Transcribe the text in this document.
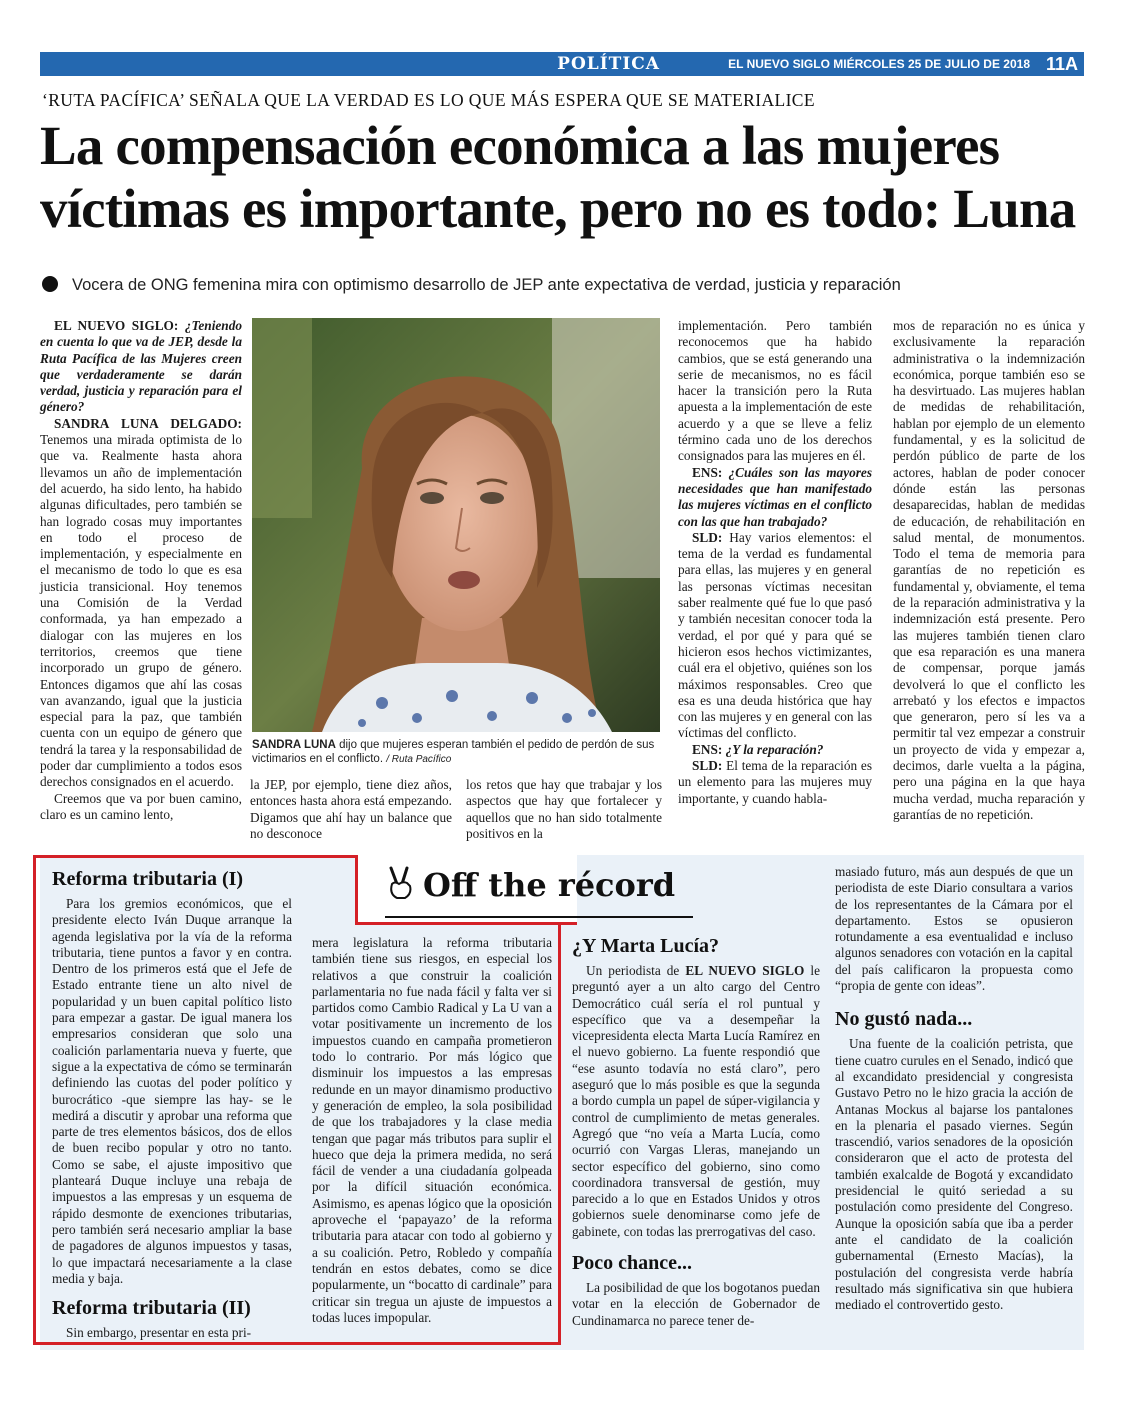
POLÍTICA	EL NUEVO SIGLO MIÉRCOLES 25 DE JULIO DE 2018 11A
‘RUTA PACÍFICA’ SEÑALA QUE LA VERDAD ES LO QUE MÁS ESPERA QUE SE MATERIALICE
La compensación económica a las mujeres víctimas es importante, pero no es todo: Luna
Vocera de ONG femenina mira con optimismo desarrollo de JEP ante expectativa de verdad, justicia y reparación

EL NUEVO SIGLO: ¿Teniendo en cuenta lo que va de JEP, desde la Ruta Pacífica de las Mujeres creen que verdaderamente se darán verdad, justicia y reparación para el género?

SANDRA LUNA DELGADO: Tenemos una mirada optimista de lo que va. Realmente hasta ahora llevamos un año de implementación del acuerdo, ha sido lento, ha habido algunas dificultades, pero también se han logrado cosas muy importantes en todo el proceso de implementación, y especialmente en el mecanismo de todo lo que es esa justicia transicional. Hoy tenemos una Comisión de la Verdad conformada, ya han empezado a dialogar con las mujeres en los territorios, creemos que tiene incorporado un grupo de género. Entonces digamos que ahí las cosas van avanzando, igual que la justicia especial para la paz, que también cuenta con un equipo de género que tendrá la tarea y la responsabilidad de poder dar cumplimiento a todos esos derechos consignados en el acuerdo.

Creemos que va por buen camino, claro es un camino lento,

SANDRA LUNA dijo que mujeres esperan también el pedido de perdón de sus victimarios en el conflicto. / Ruta Pacífico

la JEP, por ejemplo, tiene diez años, entonces hasta ahora está empezando. Digamos que ahí hay un balance que no desconoce

los retos que hay que trabajar y los aspectos que hay que fortalecer y aquellos que no han sido totalmente positivos en la

implementación. Pero también reconocemos que ha habido cambios, que se está generando una serie de mecanismos, no es fácil hacer la transición pero la Ruta apuesta a la implementación de este acuerdo y a que se lleve a feliz término cada uno de los derechos consignados para las mujeres en él.

ENS: ¿Cuáles son las mayores necesidades que han manifestado las mujeres víctimas en el conflicto con las que han trabajado?

SLD: Hay varios elementos: el tema de la verdad es fundamental para ellas, las mujeres y en general las personas víctimas necesitan saber realmente qué fue lo que pasó y también necesitan conocer toda la verdad, el por qué y para qué se hicieron esos hechos victimizantes, cuál era el objetivo, quiénes son los máximos responsables. Creo que esa es una deuda histórica que hay con las mujeres y en general con las víctimas del conflicto.

ENS: ¿Y la reparación?

SLD: El tema de la reparación es un elemento para las mujeres muy importante, y cuando habla-

mos de reparación no es única y exclusivamente la reparación administrativa o la indemnización económica, porque también eso se ha desvirtuado. Las mujeres hablan de medidas de rehabilitación, hablan por ejemplo de un elemento fundamental, y es la solicitud de perdón público de parte de los actores, hablan de poder conocer dónde están las personas desaparecidas, hablan de medidas de educación, de rehabilitación en salud mental, de monumentos. Todo el tema de memoria para garantías de no repetición es fundamental y, obviamente, el tema de la reparación administrativa y la indemnización está presente. Pero las mujeres también tienen claro que esa reparación es una manera de compensar, porque jamás devolverá lo que el conflicto les arrebató y los efectos e impactos que generaron, pero sí les va a permitir tal vez empezar a construir un proyecto de vida y empezar a, decimos, darle vuelta a la página, pero una página en la que haya mucha verdad, mucha reparación y garantías de no repetición.

Off the récord
Reforma tributaria (I)

Para los gremios económicos, que el presidente electo Iván Duque arranque la agenda legislativa por la vía de la reforma tributaria, tiene puntos a favor y en contra. Dentro de los primeros está que el Jefe de Estado entrante tiene un alto nivel de popularidad y un buen capital político listo para empezar a gastar. De igual manera los empresarios consideran que solo una coalición parlamentaria nueva y fuerte, que sigue a la expectativa de cómo se terminarán definiendo las cuotas del poder político y burocrático -que siempre las hay- se le medirá a discutir y aprobar una reforma que parte de tres elementos básicos, dos de ellos de buen recibo popular y otro no tanto. Como se sabe, el ajuste impositivo que planteará Duque incluye una rebaja de impuestos a las empresas y un esquema de rápido desmonte de exenciones tributarias, pero también será necesario ampliar la base de pagadores de algunos impuestos y tasas, lo que impactará necesariamente a la clase media y baja.

Reforma tributaria (II)

Sin embargo, presentar en esta pri-

mera legislatura la reforma tributaria también tiene sus riesgos, en especial los relativos a que construir la coalición parlamentaria no fue nada fácil y falta ver si partidos como Cambio Radical y La U van a votar positivamente un incremento de los impuestos cuando en campaña prometieron todo lo contrario. Por más lógico que disminuir los impuestos a las empresas redunde en un mayor dinamismo productivo y generación de empleo, la sola posibilidad de que los trabajadores y la clase media tengan que pagar más tributos para suplir el hueco que deja la primera medida, no será fácil de vender a una ciudadanía golpeada por la difícil situación económica. Asimismo, es apenas lógico que la oposición aproveche el ‘papayazo’ de la reforma tributaria para atacar con todo al gobierno y a su coalición. Petro, Robledo y compañía tendrán en estos debates, como se dice popularmente, un “bocatto di cardinale” para criticar sin tregua un ajuste de impuestos a todas luces impopular.

¿Y Marta Lucía?

Un periodista de EL NUEVO SIGLO le preguntó ayer a un alto cargo del Centro Democrático cuál sería el rol puntual y específico que va a desempeñar la vicepresidenta electa Marta Lucía Ramírez en el nuevo gobierno. La fuente respondió que “ese asunto todavía no está claro”, pero aseguró que lo más posible es que la segunda a bordo cumpla un papel de súper-vigilancia y control de cumplimiento de metas generales. Agregó que “no veía a Marta Lucía, como ocurrió con Vargas Lleras, manejando un sector específico del gobierno, sino como coordinadora transversal de gestión, muy parecido a lo que en Estados Unidos y otros gobiernos suele denominarse como jefe de gabinete, con todas las prerrogativas del caso.

Poco chance...

La posibilidad de que los bogotanos puedan votar en la elección de Gobernador de Cundinamarca no parece tener de-

masiado futuro, más aun después de que un periodista de este Diario consultara a varios de los representantes de la Cámara por el departamento. Estos se opusieron rotundamente a esa eventualidad e incluso algunos senadores con votación en la capital del país calificaron la propuesta como “propia de gente con ideas”.

No gustó nada...

Una fuente de la coalición petrista, que tiene cuatro curules en el Senado, indicó que al excandidato presidencial y congresista Gustavo Petro no le hizo gracia la acción de Antanas Mockus al bajarse los pantalones en la plenaria el pasado viernes. Según trascendió, varios senadores de la oposición consideraron que el acto de protesta del también exalcalde de Bogotá y excandidato presidencial le quitó seriedad a su postulación como presidente del Congreso. Aunque la oposición sabía que iba a perder ante el candidato de la coalición gubernamental (Ernesto Macías), la postulación del congresista verde habría resultado más significativa sin que hubiera mediado el controvertido gesto.
